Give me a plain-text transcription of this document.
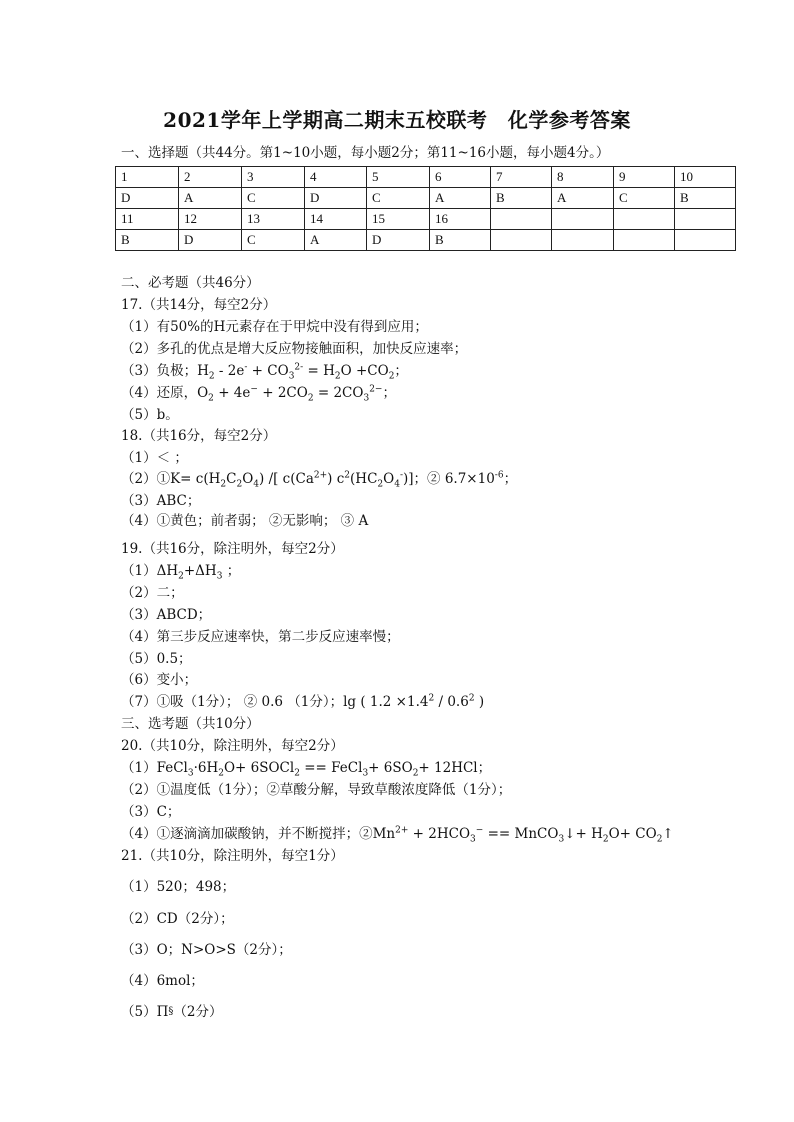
2021学年上学期高二期末五校联考　化学参考答案
一、选择题（共44分。第1~10小题，每小题2分；第11~16小题，每小题4分。）
1	2	3	4	5	6	7	8	9	10
D	A	C	D	C	A	B	A	C	B
11	12	13	14	15	16				
B	D	C	A	D	B				
二、必考题（共46分）
17.（共14分，每空2分）
（1）有50%的H元素存在于甲烷中没有得到应用；
（2）多孔的优点是增大反应物接触面积，加快反应速率；
（3）负极；$H_2 - 2e^- + CO_3^{2-} = H_2O +CO_2$；
（4）还原，$O_2 + 4e^- + 2CO_2 = 2CO_3^{2-}$；
（5）b。
18.（共16分，每空2分）
（1）＜ ；
（2）①K= $c(H_2C_2O_4)$ /[ $c(Ca^{2+})$ $c^2(HC_2O_4^-)$]；② $6.7\times 10^{-6}$；
（3）ABC；
（4）①黄色；前者弱； ②无影响； ③ A
19.（共16分，除注明外，每空2分）
$(1)\Delta H_2+\Delta H_3$ ；
（2）二；
（3）ABCD；
（4）第三步反应速率快，第二步反应速率慢；
（5）0.5；
（6）变小；
（7）①吸（1分）； ② 0.6 （1分）；lg ( $1.2 \times 1.4^2 / 0.6^2$ )
三、选考题（共10分）
20.（共10分，除注明外，每空2分）
$(1)FeCl_3\cdot 6H_2O+$ 6SOCl$_2$ == FeCl$_3$+ $6SO_2+ 12HCl$；
（2）①温度低（1分）；②草酸分解，导致草酸浓度降低（1分）；
（3）C；
（4）①逐滴滴加碳酸钠，并不断搅拌；$②Mn^{2+} + 2HCO_3^-$ == MnCO$_3$↓+ $H_2O+$ $CO_2↑$
21.（共10分，除注明外，每空1分）
（1）520；498；
（2）CD（2分）；
（3）O；N>O>S（2分）；
（4）6mol；
（5）Π§（2分）
